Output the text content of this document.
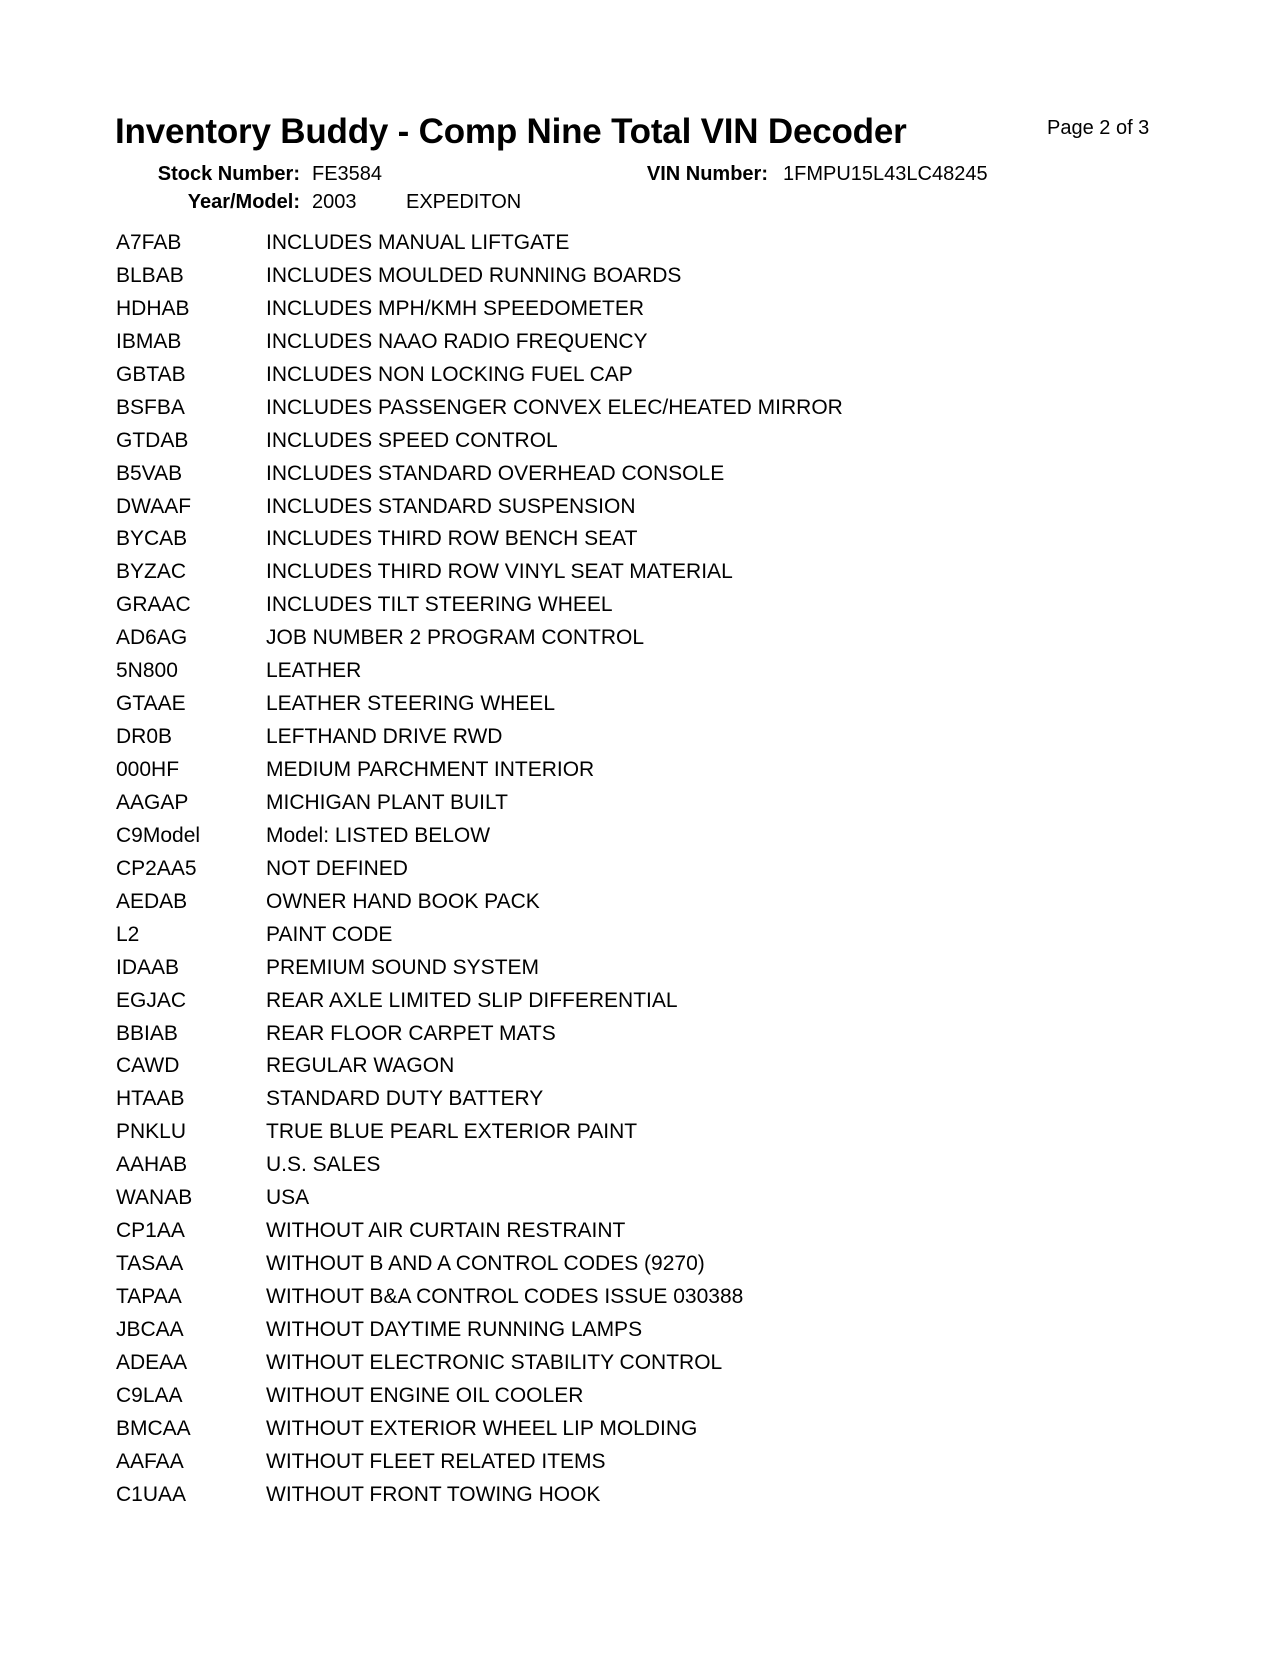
Inventory Buddy - Comp Nine Total VIN Decoder	Page 2 of 3
Stock Number: FE3584	VIN Number: 1FMPU15L43LC48245
Year/Model: 2003 EXPEDITON
A7FAB	INCLUDES MANUAL LIFTGATE
BLBAB	INCLUDES MOULDED RUNNING BOARDS
HDHAB	INCLUDES MPH/KMH SPEEDOMETER
IBMAB	INCLUDES NAAO RADIO FREQUENCY
GBTAB	INCLUDES NON LOCKING FUEL CAP
BSFBA	INCLUDES PASSENGER CONVEX ELEC/HEATED MIRROR
GTDAB	INCLUDES SPEED CONTROL
B5VAB	INCLUDES STANDARD OVERHEAD CONSOLE
DWAAF	INCLUDES STANDARD SUSPENSION
BYCAB	INCLUDES THIRD ROW BENCH SEAT
BYZAC	INCLUDES THIRD ROW VINYL SEAT MATERIAL
GRAAC	INCLUDES TILT STEERING WHEEL
AD6AG	JOB NUMBER 2 PROGRAM CONTROL
5N800	LEATHER
GTAAE	LEATHER STEERING WHEEL
DR0B	LEFTHAND DRIVE RWD
000HF	MEDIUM PARCHMENT INTERIOR
AAGAP	MICHIGAN PLANT BUILT
C9Model	Model: LISTED BELOW
CP2AA5	NOT DEFINED
AEDAB	OWNER HAND BOOK PACK
L2	PAINT CODE
IDAAB	PREMIUM SOUND SYSTEM
EGJAC	REAR AXLE LIMITED SLIP DIFFERENTIAL
BBIAB	REAR FLOOR CARPET MATS
CAWD	REGULAR WAGON
HTAAB	STANDARD DUTY BATTERY
PNKLU	TRUE BLUE PEARL EXTERIOR PAINT
AAHAB	U.S. SALES
WANAB	USA
CP1AA	WITHOUT AIR CURTAIN RESTRAINT
TASAA	WITHOUT B AND A CONTROL CODES (9270)
TAPAA	WITHOUT B&A CONTROL CODES ISSUE 030388
JBCAA	WITHOUT DAYTIME RUNNING LAMPS
ADEAA	WITHOUT ELECTRONIC STABILITY CONTROL
C9LAA	WITHOUT ENGINE OIL COOLER
BMCAA	WITHOUT EXTERIOR WHEEL LIP MOLDING
AAFAA	WITHOUT FLEET RELATED ITEMS
C1UAA	WITHOUT FRONT TOWING HOOK
